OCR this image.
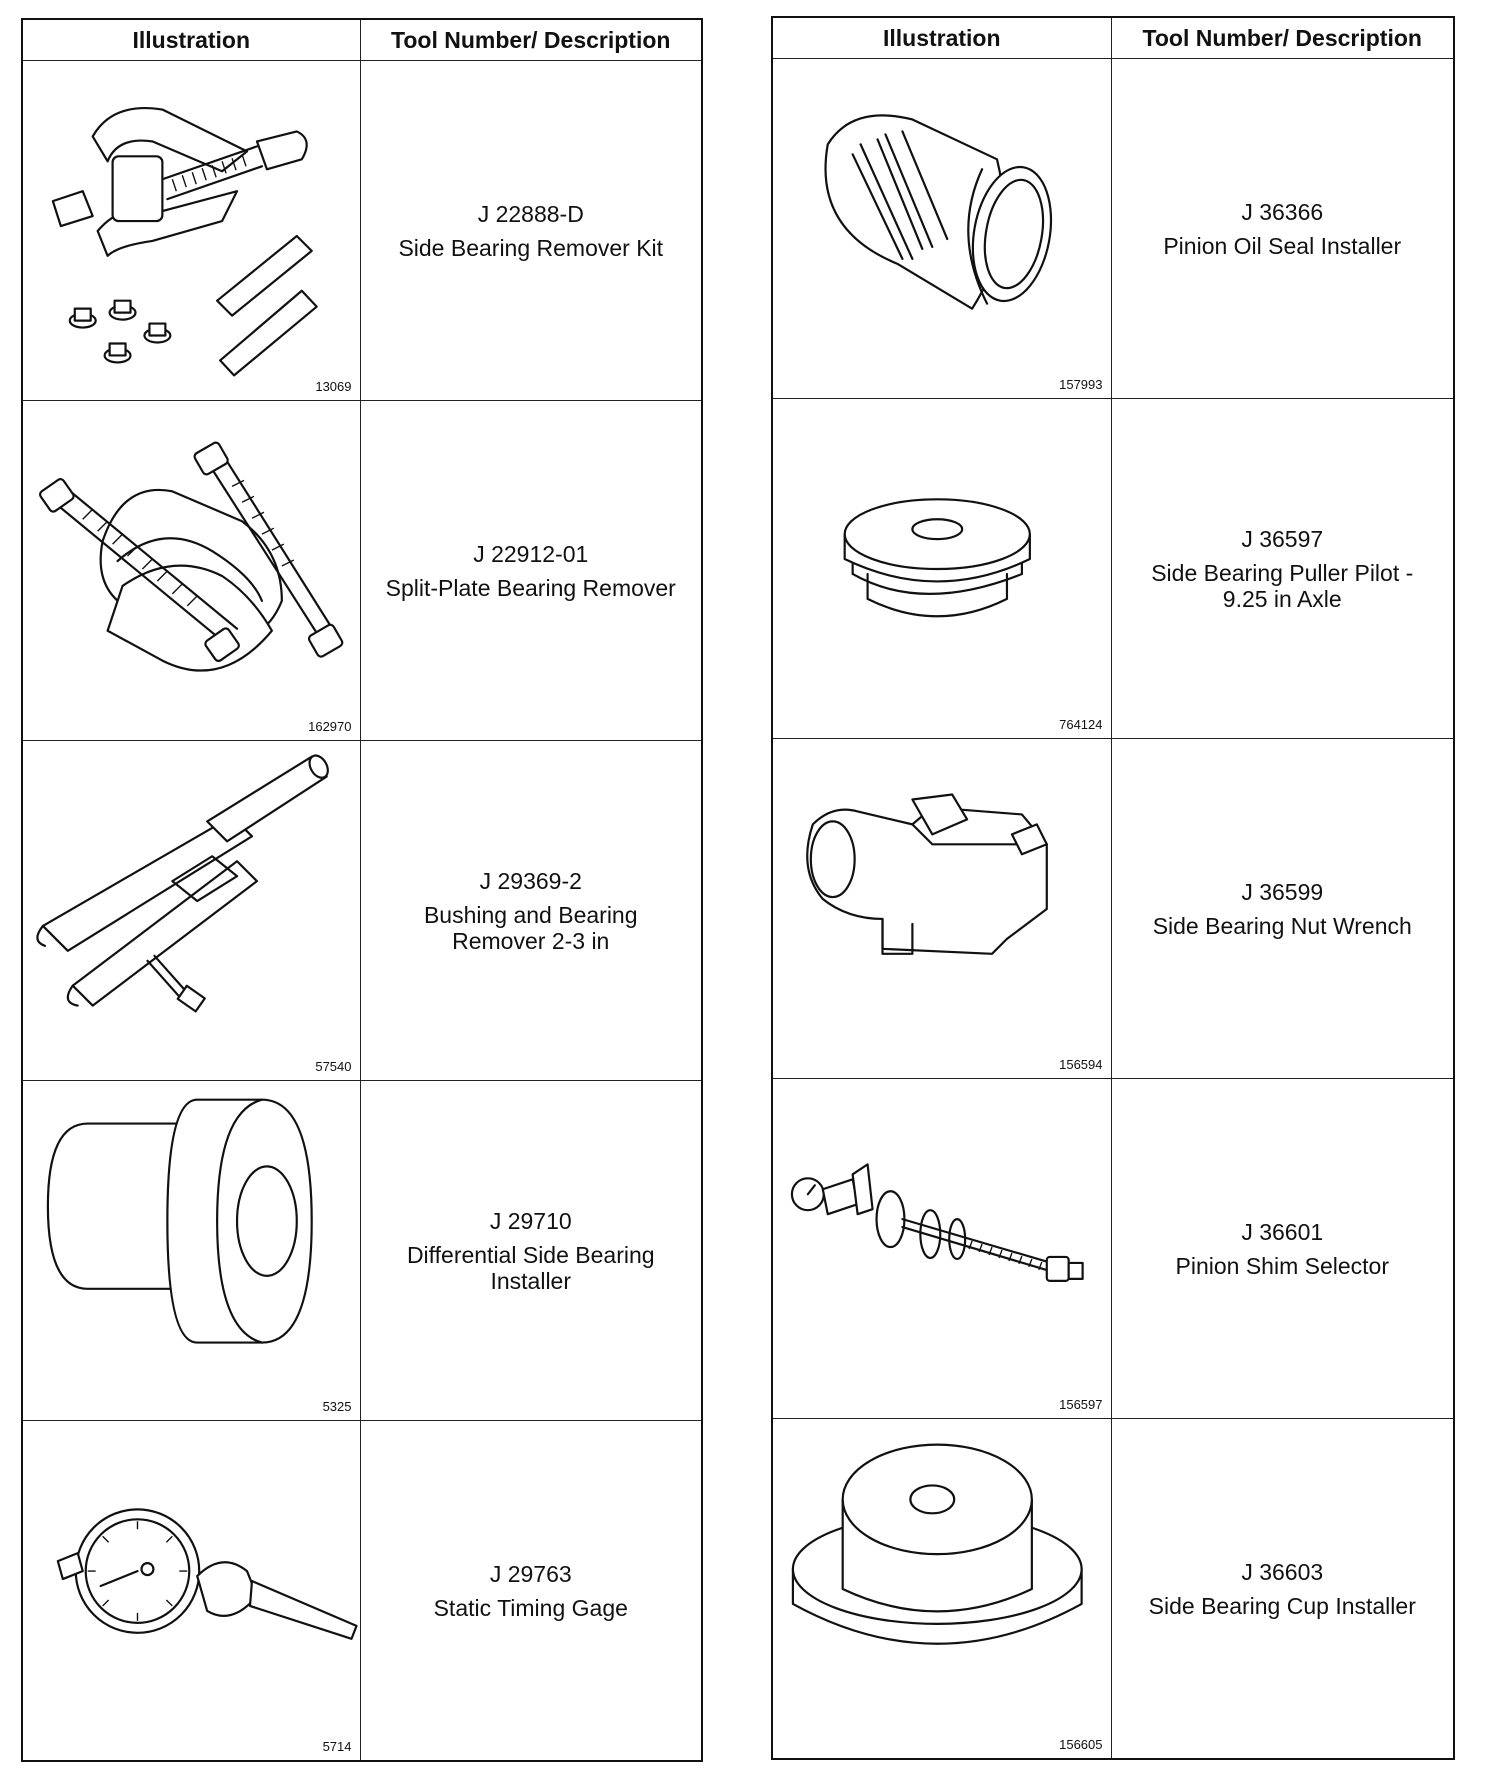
Illustration	Tool Number/ Description

13069	J 22888-D
Side Bearing Remover Kit

162970	J 22912-01
Split-Plate Bearing Remover

57540	J 29369-2
Bushing and Bearing
Remover 2-3 in

5325	J 29710
Differential Side Bearing
Installer

5714	J 29763
Static Timing Gage
Illustration	Tool Number/ Description

157993	J 36366
Pinion Oil Seal Installer

764124	J 36597
Side Bearing Puller Pilot -
9.25 in Axle

156594	J 36599
Side Bearing Nut Wrench

156597	J 36601
Pinion Shim Selector

156605	J 36603
Side Bearing Cup Installer
